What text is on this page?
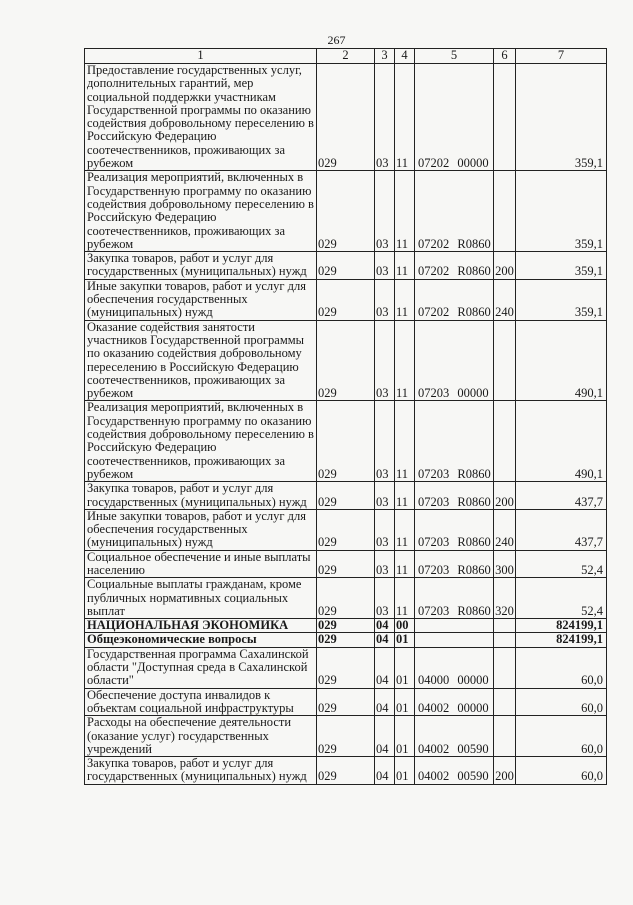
267
1	2	3	4	5	6	7
Предоставление государственных услуг, дополнительных гарантий, мер социальной поддержки участникам Государственной программы по оказанию содействия добровольному переселению в Российскую Федерацию соотечественников, проживающих за рубежом	029	03	11	07202 00000		359,1
Реализация мероприятий, включенных в Государственную программу по оказанию содействия добровольному переселению в Российскую Федерацию соотечественников, проживающих за рубежом	029	03	11	07202 R0860		359,1
Закупка товаров, работ и услуг для государственных (муниципальных) нужд	029	03	11	07202 R0860	200	359,1
Иные закупки товаров, работ и услуг для обеспечения государственных (муниципальных) нужд	029	03	11	07202 R0860	240	359,1
Оказание содействия занятости участников Государственной программы по оказанию содействия добровольному переселению в Российскую Федерацию соотечественников, проживающих за рубежом	029	03	11	07203 00000		490,1
Реализация мероприятий, включенных в Государственную программу по оказанию содействия добровольному переселению в Российскую Федерацию соотечественников, проживающих за рубежом	029	03	11	07203 R0860		490,1
Закупка товаров, работ и услуг для государственных (муниципальных) нужд	029	03	11	07203 R0860	200	437,7
Иные закупки товаров, работ и услуг для обеспечения государственных (муниципальных) нужд	029	03	11	07203 R0860	240	437,7
Социальное обеспечение и иные выплаты населению	029	03	11	07203 R0860	300	52,4
Социальные выплаты гражданам, кроме публичных нормативных социальных выплат	029	03	11	07203 R0860	320	52,4
НАЦИОНАЛЬНАЯ ЭКОНОМИКА	029	04	00			824199,1
Общеэкономические вопросы	029	04	01			824199,1
Государственная программа Сахалинской области "Доступная среда в Сахалинской области"	029	04	01	04000 00000		60,0
Обеспечение доступа инвалидов к объектам социальной инфраструктуры	029	04	01	04002 00000		60,0
Расходы на обеспечение деятельности (оказание услуг) государственных учреждений	029	04	01	04002 00590		60,0
Закупка товаров, работ и услуг для государственных (муниципальных) нужд	029	04	01	04002 00590	200	60,0
